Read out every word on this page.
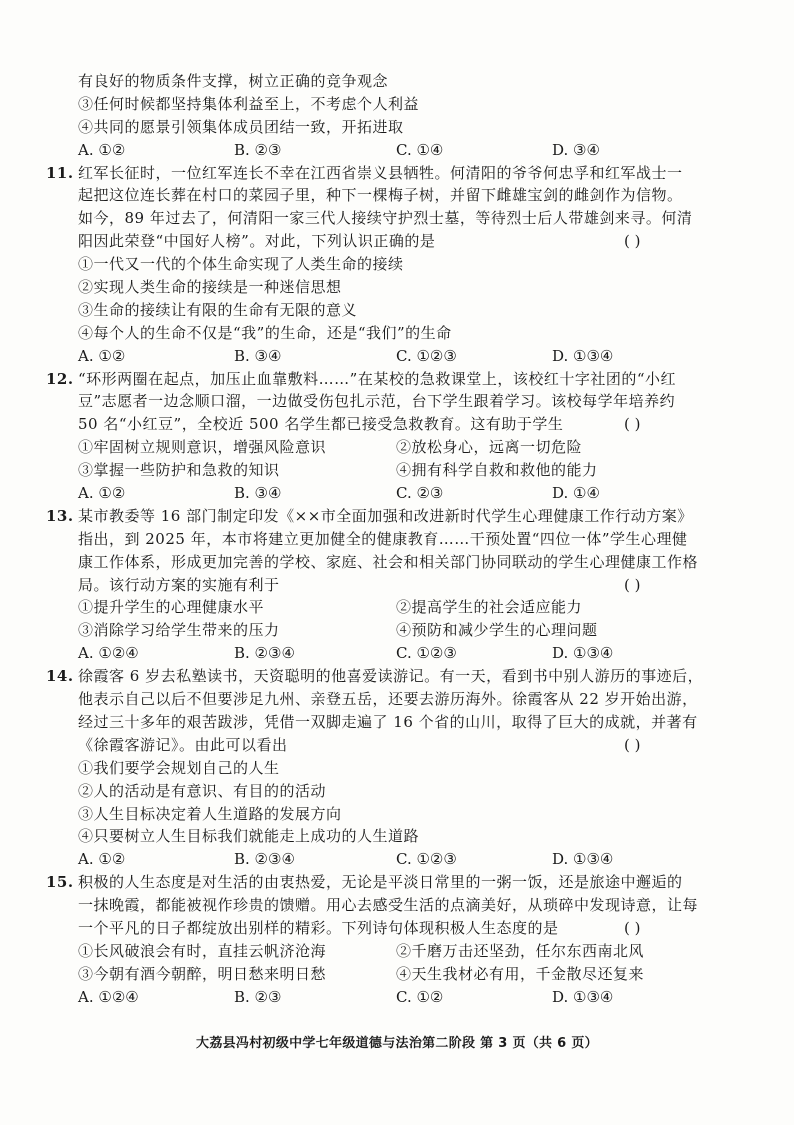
有良好的物质条件支撑，树立正确的竞争观念
③任何时候都坚持集体利益至上，不考虑个人利益
④共同的愿景引领集体成员团结一致，开拓进取
A. ①②	B. ②③	C. ①④	D. ③④
11. 红军长征时，一位红军连长不幸在江西省崇义县牺牲。何清阳的爷爷何忠孚和红军战士一
起把这位连长葬在村口的菜园子里，种下一棵梅子树，并留下雌雄宝剑的雌剑作为信物。
如今，89 年过去了，何清阳一家三代人接续守护烈士墓，等待烈士后人带雄剑来寻。何清
阳因此荣登“中国好人榜”。对此，下列认识正确的是	( )
①一代又一代的个体生命实现了人类生命的接续
②实现人类生命的接续是一种迷信思想
③生命的接续让有限的生命有无限的意义
④每个人的生命不仅是“我”的生命，还是“我们”的生命
A. ①②	B. ③④	C. ①②③	D. ①③④
12. “环形两圈在起点，加压止血靠敷料……”在某校的急救课堂上，该校红十字社团的“小红
豆”志愿者一边念顺口溜，一边做受伤包扎示范，台下学生跟着学习。该校每学年培养约
50 名“小红豆”，全校近 500 名学生都已接受急救教育。这有助于学生	( )
①牢固树立规则意识，增强风险意识	②放松身心，远离一切危险
③掌握一些防护和急救的知识	④拥有科学自救和救他的能力
A. ①②	B. ③④	C. ②③	D. ①④
13. 某市教委等 16 部门制定印发《××市全面加强和改进新时代学生心理健康工作行动方案》
指出，到 2025 年，本市将建立更加健全的健康教育……干预处置“四位一体”学生心理健
康工作体系，形成更加完善的学校、家庭、社会和相关部门协同联动的学生心理健康工作格
局。该行动方案的实施有利于	( )
①提升学生的心理健康水平	②提高学生的社会适应能力
③消除学习给学生带来的压力	④预防和减少学生的心理问题
A. ①②④	B. ②③④	C. ①②③	D. ①③④
14. 徐霞客 6 岁去私塾读书，天资聪明的他喜爱读游记。有一天，看到书中别人游历的事迹后，
他表示自己以后不但要涉足九州、亲登五岳，还要去游历海外。徐霞客从 22 岁开始出游，
经过三十多年的艰苦跋涉，凭借一双脚走遍了 16 个省的山川，取得了巨大的成就，并著有
《徐霞客游记》。由此可以看出	( )
①我们要学会规划自己的人生
②人的活动是有意识、有目的的活动
③人生目标决定着人生道路的发展方向
④只要树立人生目标我们就能走上成功的人生道路
A. ①②	B. ②③④	C. ①②③	D. ①③④
15. 积极的人生态度是对生活的由衷热爱，无论是平淡日常里的一粥一饭，还是旅途中邂逅的
一抹晚霞，都能被视作珍贵的馈赠。用心去感受生活的点滴美好，从琐碎中发现诗意，让每
一个平凡的日子都绽放出别样的精彩。下列诗句体现积极人生态度的是	( )
①长风破浪会有时，直挂云帆济沧海	②千磨万击还坚劲，任尔东西南北风
③今朝有酒今朝醉，明日愁来明日愁	④天生我材必有用，千金散尽还复来
A. ①②④	B. ②③	C. ①②	D. ①③④
大荔县冯村初级中学七年级道德与法治第二阶段 第 3 页（共 6 页）
